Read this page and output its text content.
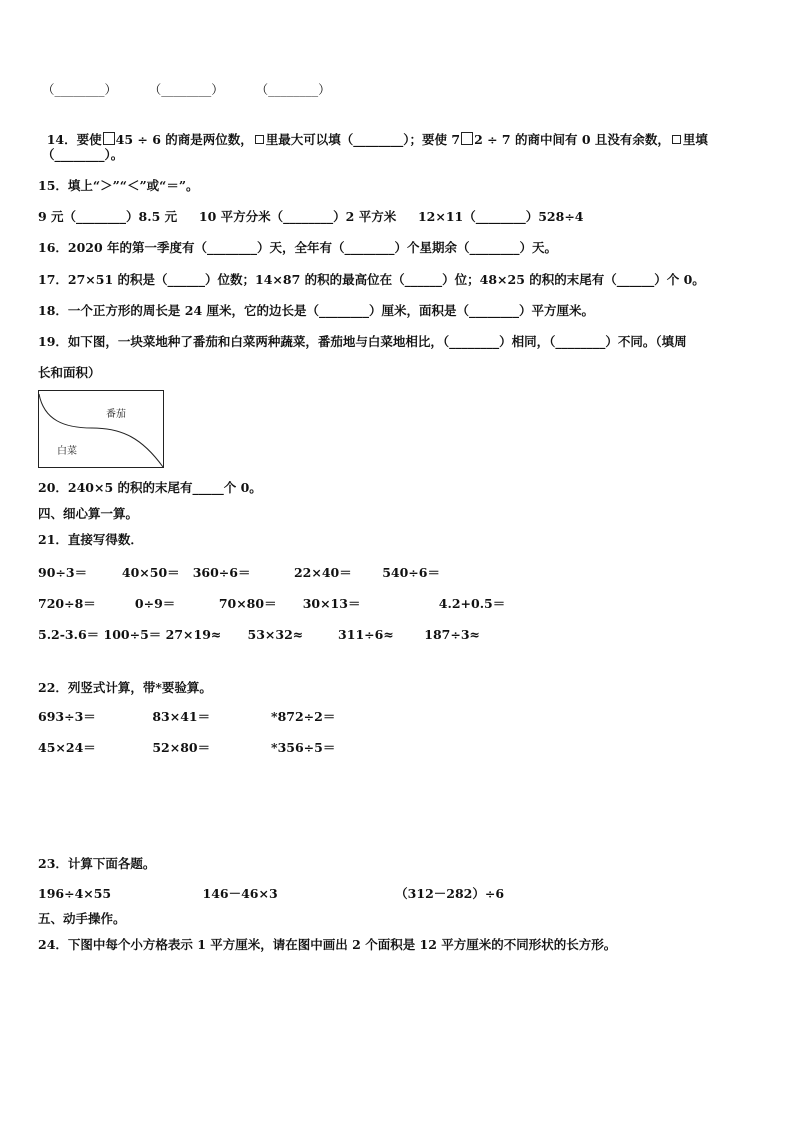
（________）        （________）        （________）

14．要使 45 ÷ 6 的商是两位数， 里最大可以填（________）；要使 7 2 ÷ 7 的商中间有 0 且没有余数， 里填

（________）。
15．填上“＞”“＜”或“＝”。
9 元（________）8.5 元     10 平方分米（________）2 平方米     12×11（________）528÷4
16．2020 年的第一季度有（________）天，全年有（________）个星期余（________）天。
17．27×51 的积是（______）位数；14×87 的积的最高位在（______）位；48×25 的积的末尾有（______）个 0。
18．一个正方形的周长是 24 厘米，它的边长是（________）厘米，面积是（________）平方厘米。
19．如下图，一块菜地种了番茄和白菜两种蔬菜，番茄地与白菜地相比，（________）相同，（________）不同。（填周
长和面积）
番茄
白菜
20．240×5 的积的末尾有_____个 0。
四、细心算一算。
21．直接写得数．
90÷3＝        40×50＝   360÷6＝          22×40＝       540÷6＝
720÷8＝         0÷9＝          70×80＝      30×13＝                  4.2+0.5＝
5.2-3.6＝ 100÷5＝ 27×19≈      53×32≈        311÷6≈       187÷3≈
22．列竖式计算，带*要验算。
693÷3＝             83×41＝              *872÷2＝
45×24＝             52×80＝              *356÷5＝
23．计算下面各题。
196÷4×55                     146－46×3                           （312－282）÷6
五、动手操作。
24．下图中每个小方格表示 1 平方厘米，请在图中画出 2 个面积是 12 平方厘米的不同形状的长方形。
